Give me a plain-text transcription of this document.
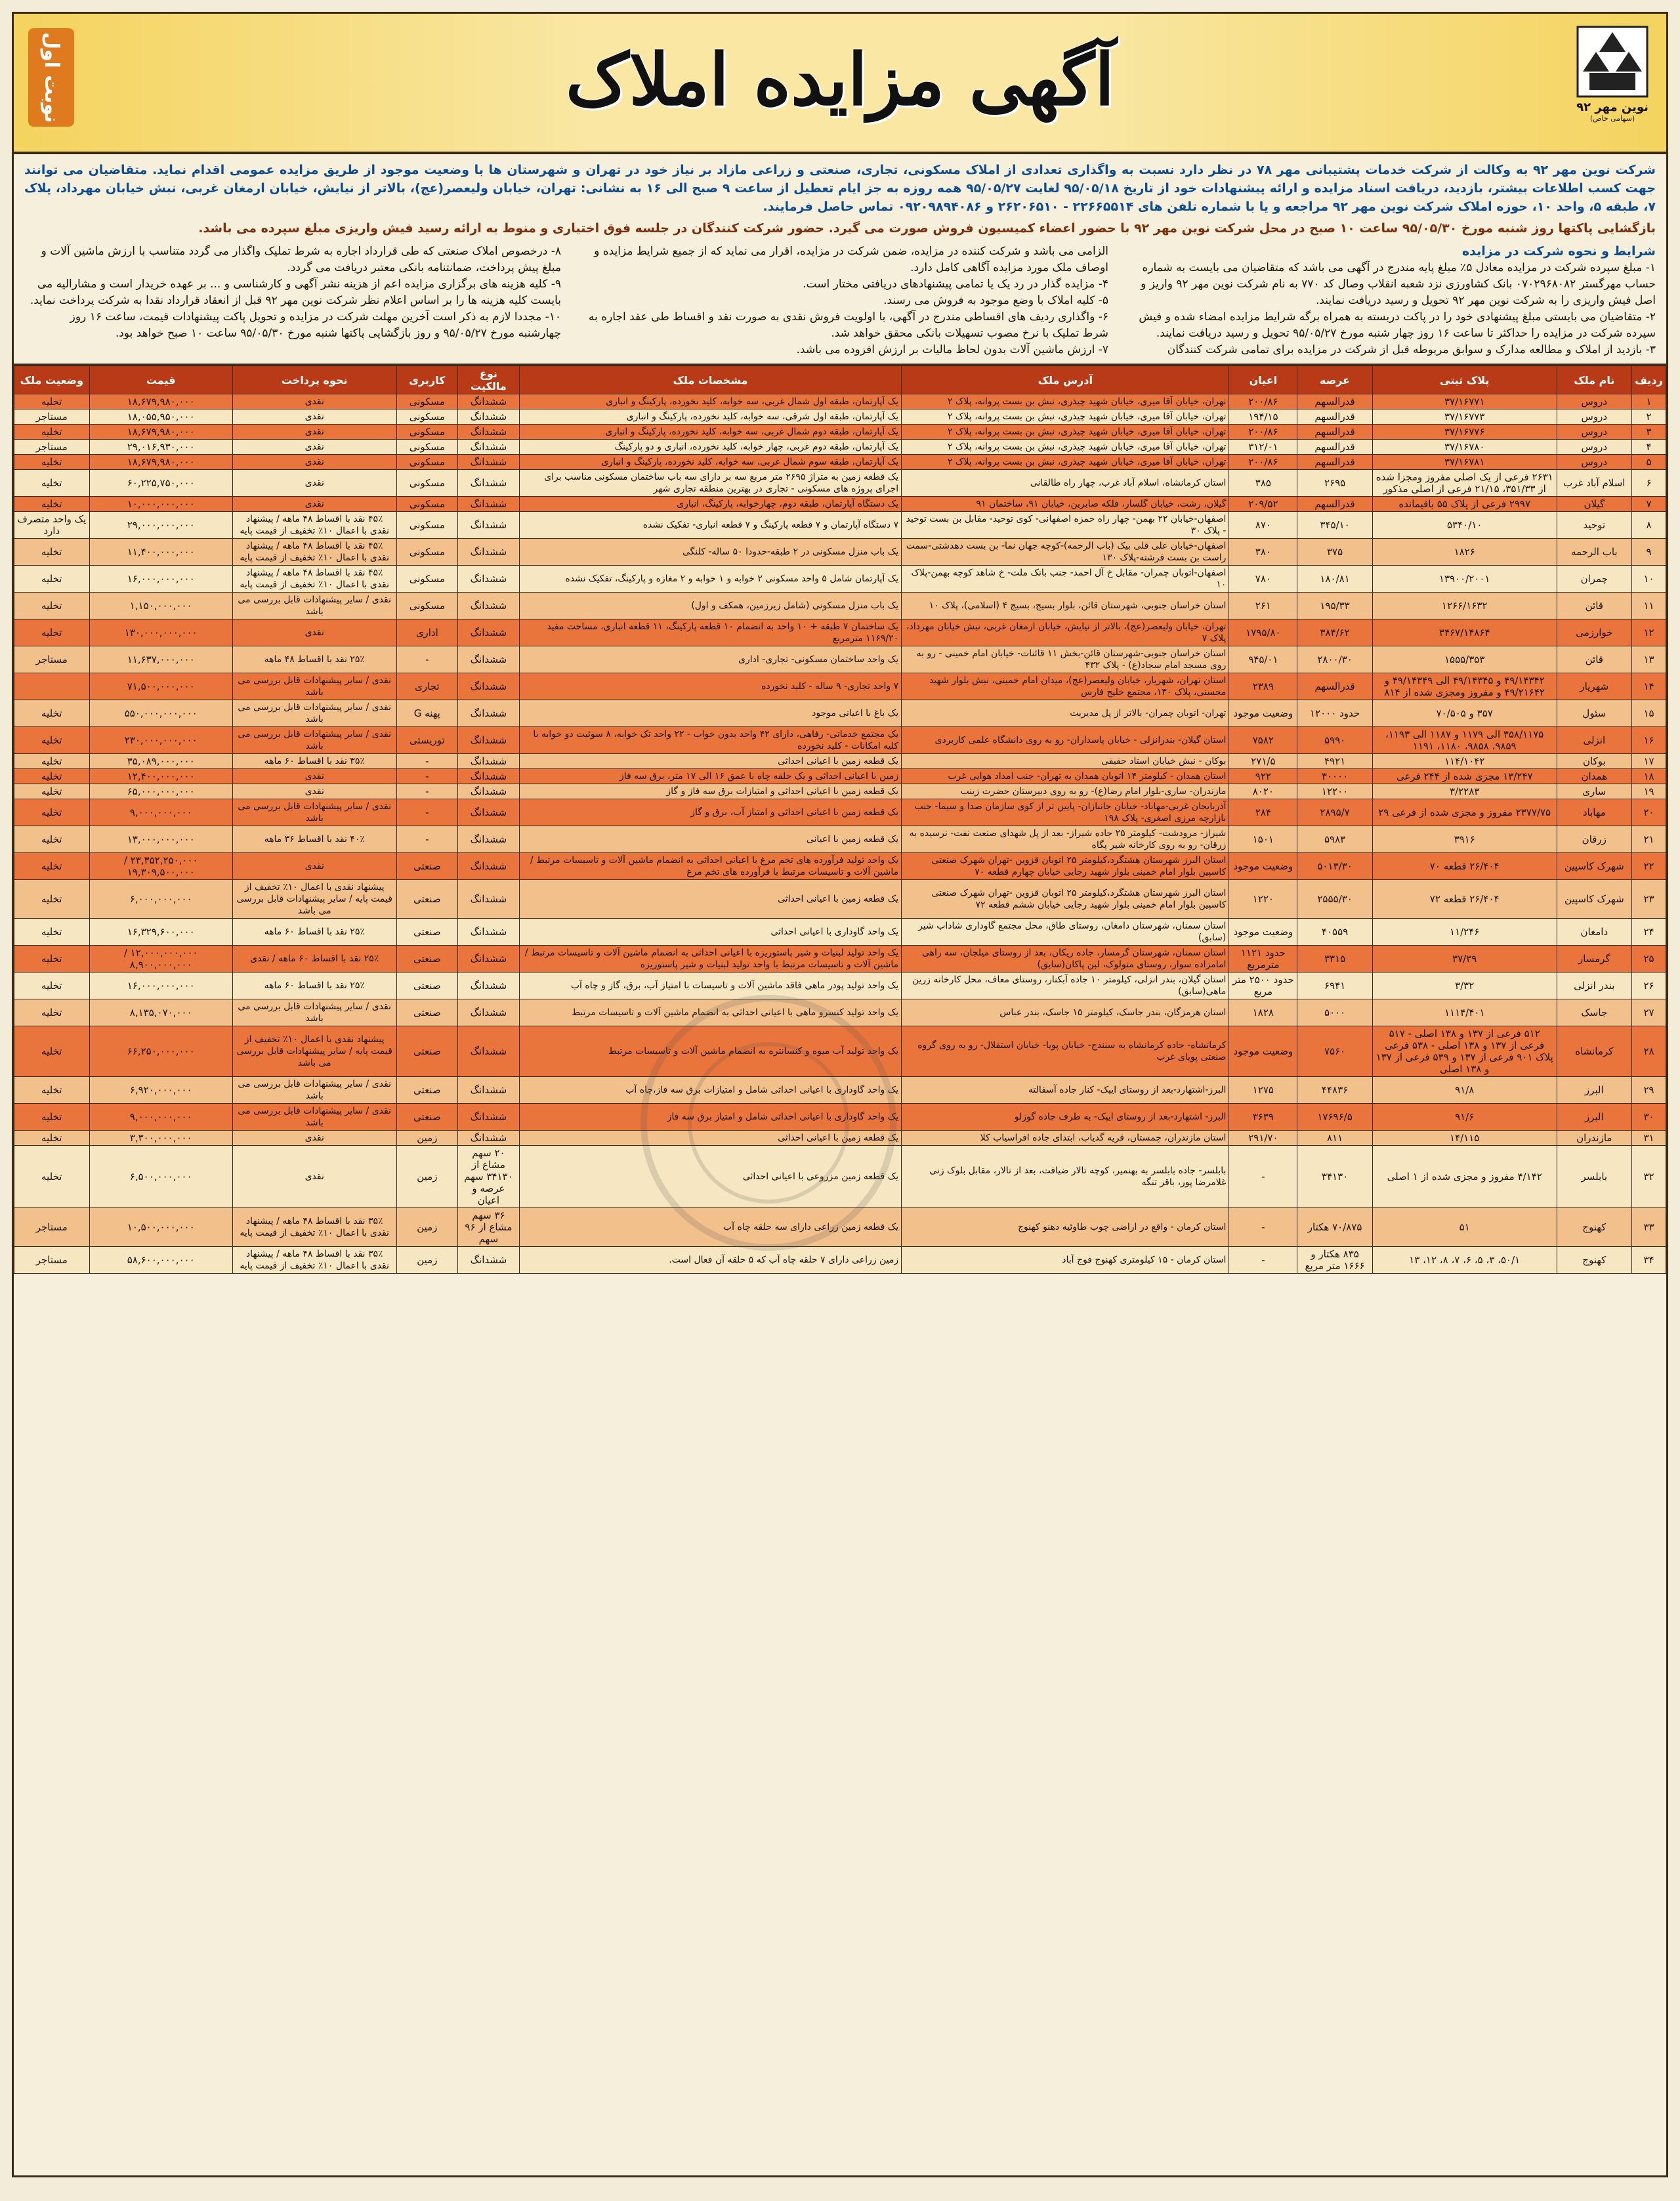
نوبت اول	آگهی مزایده املاک	نوین مهر ۹۲
(سهامی خاص)
شرکت نوین مهر ۹۲ به وکالت از شرکت خدمات پشتیبانی مهر ۷۸ در نظر دارد نسبت به واگذاری تعدادی از املاک مسکونی، تجاری، صنعتی و زراعی مازاد بر نیاز خود در تهران و شهرستان ها با وضعیت موجود از طریق مزایده عمومی اقدام نماید. متقاضیان می توانند جهت کسب اطلاعات بیشتر، بازدید، دریافت اسناد مزایده و ارائه پیشنهادات خود از تاریخ ۹۵/۰۵/۱۸ لغایت ۹۵/۰۵/۲۷ همه روزه به جز ایام تعطیل از ساعت ۹ صبح الی ۱۶ به نشانی: تهران، خیابان ولیعصر(عج)، بالاتر از نیایش، خیابان ارمغان غربی، نبش خیابان مهرداد، پلاک ۷، طبقه ۵، واحد ۱۰، حوزه املاک شرکت نوین مهر ۹۲ مراجعه و یا با شماره تلفن های ۲۲۶۶۵۵۱۴ - ۲۶۲۰۶۵۱۰ و ۰۹۲۰۹۸۹۴۰۸۶ تماس حاصل فرمایند.
بازگشایی پاکتها روز شنبه مورخ ۹۵/۰۵/۳۰ ساعت ۱۰ صبح در محل شرکت نوین مهر ۹۲ با حضور اعضاء کمیسیون فروش صورت می گیرد. حضور شرکت کنندگان در جلسه فوق اختیاری و منوط به ارائه رسید فیش واریزی مبلغ سپرده می باشد.
شرایط و نحوه شرکت در مزایده

۱- مبلغ سپرده شرکت در مزایده معادل ۵٪ مبلغ پایه مندرج در آگهی می باشد که متقاضیان می بایست به شماره حساب مهرگستر ۰۷۰۲۹۶۸۰۸۲ بانک کشاورزی نزد شعبه انقلاب وصال کد ۷۷۰ به نام شرکت نوین مهر ۹۲ واریز و اصل فیش واریزی را به شرکت نوین مهر ۹۲ تحویل و رسید دریافت نمایند.

۲- متقاضیان می بایستی مبلغ پیشنهادی خود را در پاکت دربسته به همراه برگه شرایط مزایده امضاء شده و فیش سپرده شرکت در مزایده را حداکثر تا ساعت ۱۶ روز چهار شنبه مورخ ۹۵/۰۵/۲۷ تحویل و رسید دریافت نمایند.

۳- بازدید از املاک و مطالعه مدارک و سوابق مربوطه قبل از شرکت در مزایده برای تمامی شرکت کنندگان

الزامی می باشد و شرکت کننده در مزایده، ضمن شرکت در مزایده، اقرار می نماید که از جمیع شرایط مزایده و اوصاف ملک مورد مزایده آگاهی کامل دارد.

۴- مزایده گذار در رد یک یا تمامی پیشنهادهای دریافتی مختار است.

۵- کلیه املاک با وضع موجود به فروش می رسند.

۶- واگذاری ردیف های اقساطی مندرج در آگهی، با اولویت فروش نقدی به صورت نقد و اقساط طی عقد اجاره به شرط تملیک با نرخ مصوب تسهیلات بانکی محقق خواهد شد.

۷- ارزش ماشین آلات بدون لحاظ مالیات بر ارزش افزوده می باشد.

۸- درخصوص املاک صنعتی که طی قرارداد اجاره به شرط تملیک واگذار می گردد متناسب با ارزش ماشین آلات و مبلغ پیش پرداخت، ضمانتنامه بانکی معتبر دریافت می گردد.

۹- کلیه هزینه های برگزاری مزایده اعم از هزینه نشر آگهی و کارشناسی و ... بر عهده خریدار است و مشارالیه می بایست کلیه هزینه ها را بر اساس اعلام نظر شرکت نوین مهر ۹۲ قبل از انعقاد قرارداد نقدا به شرکت پرداخت نماید.

۱۰- مجددا لازم به ذکر است آخرین مهلت شرکت در مزایده و تحویل پاکت پیشنهادات قیمت، ساعت ۱۶ روز چهارشنبه مورخ ۹۵/۰۵/۲۷ و روز بازگشایی پاکتها شنبه مورخ ۹۵/۰۵/۳۰ ساعت ۱۰ صبح خواهد بود.

ردیف	نام ملک	پلاک ثبتی	عرصه	اعیان	آدرس ملک	مشخصات ملک	نوع مالکیت	کاربری	نحوه پرداخت	قیمت	وضعیت ملک
۱	دروس	۳۷/۱۶۷۷۱	قدرالسهم	۲۰۰/۸۶	تهران، خیابان آقا میری، خیابان شهید چیذری، نبش بن بست پروانه، پلاک ۲	یک آپارتمان، طبقه اول شمال غربی، سه خوابه، کلید نخورده، پارکینگ و انباری	ششدانگ	مسکونی	نقدی	۱۸,۶۷۹,۹۸۰,۰۰۰	تخلیه
۲	دروس	۳۷/۱۶۷۷۳	قدرالسهم	۱۹۴/۱۵	تهران، خیابان آقا میری، خیابان شهید چیذری، نبش بن بست پروانه، پلاک ۲	یک آپارتمان، طبقه اول شرقی، سه خوابه، کلید نخورده، پارکینگ و انباری	ششدانگ	مسکونی	نقدی	۱۸,۰۵۵,۹۵۰,۰۰۰	مستاجر
۳	دروس	۳۷/۱۶۷۷۶	قدرالسهم	۲۰۰/۸۶	تهران، خیابان آقا میری، خیابان شهید چیذری، نبش بن بست پروانه، پلاک ۲	یک آپارتمان، طبقه دوم شمال غربی، سه خوابه، کلید نخورده، پارکینگ و انباری	ششدانگ	مسکونی	نقدی	۱۸,۶۷۹,۹۸۰,۰۰۰	تخلیه
۴	دروس	۳۷/۱۶۷۸۰	قدرالسهم	۳۱۲/۰۱	تهران، خیابان آقا میری، خیابان شهید چیذری، نبش بن بست پروانه، پلاک ۲	یک آپارتمان، طبقه دوم غربی، چهار خوابه، کلید نخورده، انباری و دو پارکینگ	ششدانگ	مسکونی	نقدی	۲۹,۰۱۶,۹۳۰,۰۰۰	مستاجر
۵	دروس	۳۷/۱۶۷۸۱	قدرالسهم	۲۰۰/۸۶	تهران، خیابان آقا میری، خیابان شهید چیذری، نبش بن بست پروانه، پلاک ۲	یک آپارتمان، طبقه سوم شمال غربی، سه خوابه، کلید نخورده، پارکینگ و انباری	ششدانگ	مسکونی	نقدی	۱۸,۶۷۹,۹۸۰,۰۰۰	تخلیه
۶	اسلام آباد غرب	۲۶۳۱ فرعی از یک اصلی مفروز ومجزا شده از ۳۵۱/۳۳، ۲۱/۱۵ فرعی از اصلی مذکور	۲۶۹۵	۳۸۵	استان کرمانشاه، اسلام آباد غرب، چهار راه طالقانی	یک قطعه زمین به متراژ ۲۶۹۵ متر مربع سه بر دارای سه باب ساختمان مسکونی مناسب برای اجرای پروژه های مسکونی - تجاری در بهترین منطقه تجاری شهر	ششدانگ	مسکونی	نقدی	۶۰,۲۲۵,۷۵۰,۰۰۰	تخلیه
۷	گیلان	۲۹۹۷ فرعی از پلاک ۵۵ باقیمانده	قدرالسهم	۲۰۹/۵۲	گیلان، رشت، خیابان گلسار، فلکه صابرین، خیابان ۹۱، ساختمان ۹۱	یک دستگاه آپارتمان، طبقه دوم، چهارخوابه، پارکینگ، انباری	ششدانگ	مسکونی	نقدی	۱۰,۰۰۰,۰۰۰,۰۰۰	تخلیه
۸	توحید	۵۳۴۰/۱۰	۳۴۵/۱۰	۸۷۰	اصفهان-خیابان ۲۲ بهمن- چهار راه حمزه اصفهانی- کوی توحید- مقابل بن بست توحید - پلاک ۳۰	۷ دستگاه آپارتمان و ۷ قطعه پارکینگ و ۷ قطعه انباری- تفکیک نشده	ششدانگ	مسکونی	۴۵٪ نقد با اقساط ۴۸ ماهه / پیشنهاد نقدی با اعمال ۱۰٪ تخفیف از قیمت پایه	۲۹,۰۰۰,۰۰۰,۰۰۰	یک واحد متصرف دارد
۹	باب الرحمه	۱۸۲۶	۳۷۵	۳۸۰	اصفهان-خیابان علی قلی بیک (باب الرحمه)-کوچه جهان نما- بن بست دهدشتی-سمت راست بن بست فرشته-پلاک ۱۳۰	یک باب منزل مسکونی در ۲ طبقه-حدودا ۵۰ ساله- کلنگی	ششدانگ	مسکونی	۴۵٪ نقد با اقساط ۴۸ ماهه / پیشنهاد نقدی با اعمال ۱۰٪ تخفیف از قیمت پایه	۱۱,۴۰۰,۰۰۰,۰۰۰	تخلیه
۱۰	چمران	۱۳۹۰۰/۲۰۰۱	۱۸۰/۸۱	۷۸۰	اصفهان-اتوبان چمران- مقابل خ آل احمد- جنب بانک ملت- خ شاهد کوچه بهمن-پلاک ۱۰	یک آپارتمان شامل ۵ واحد مسکونی ۲ خوابه و ۱ خوابه و ۲ مغازه و پارکینگ، تفکیک نشده	ششدانگ	مسکونی	۴۵٪ نقد با اقساط ۴۸ ماهه / پیشنهاد نقدی با اعمال ۱۰٪ تخفیف از قیمت پایه	۱۶,۰۰۰,۰۰۰,۰۰۰	تخلیه
۱۱	قائن	۱۲۶۶/۱۶۳۲	۱۹۵/۳۳	۲۶۱	استان خراسان جنوبی، شهرستان قائن، بلوار بسیج، بسیج ۴ (اسلامی)، پلاک ۱۰	یک باب منزل مسکونی (شامل زیرزمین، همکف و اول)	ششدانگ	مسکونی	نقدی / سایر پیشنهادات قابل بررسی می باشد	۱,۱۵۰,۰۰۰,۰۰۰	تخلیه
۱۲	خوارزمی	۳۴۶۷/۱۴۸۶۴	۳۸۴/۶۲	۱۷۹۵/۸۰	تهران، خیابان ولیعصر(عج)، بالاتر از نیایش، خیابان ارمغان غربی، نبش خیابان مهرداد، پلاک ۷	یک ساختمان ۷ طبقه + ۱۰ واحد به انضمام ۱۰ قطعه پارکینگ، ۱۱ قطعه انباری، مساحت مفید ۱۱۶۹/۲۰ مترمربع	ششدانگ	اداری	نقدی	۱۳۰,۰۰۰,۰۰۰,۰۰۰	تخلیه
۱۳	قائن	۱۵۵۵/۳۵۳	۲۸۰۰/۳۰	۹۴۵/۰۱	استان خراسان جنوبی-شهرستان قائن-بخش ۱۱ قائنات- خیابان امام خمینی - رو به روی مسجد امام سجاد(ع) - پلاک ۴۳۲	یک واحد ساختمان مسکونی- تجاری- اداری	ششدانگ	-	۲۵٪ نقد با اقساط ۴۸ ماهه	۱۱,۶۳۷,۰۰۰,۰۰۰	مستاجر
۱۴	شهریار	۴۹/۱۴۳۴۲ و ۴۹/۱۴۳۴۵ الی ۴۹/۱۴۳۴۹ و ۴۹/۲۱۶۴۲ و مفروز ومجزی شده از ۸۱۴	قدرالسهم	۲۳۸۹	استان تهران، شهریار، خیابان ولیعصر(عج)، میدان امام خمینی، نبش بلوار شهید محسنی، پلاک ۱۳۰، مجتمع خلیج فارس	۷ واحد تجاری- ۹ ساله - کلید نخورده	ششدانگ	تجاری	نقدی / سایر پیشنهادات قابل بررسی می باشد	۷۱,۵۰۰,۰۰۰,۰۰۰	
۱۵	سئول	۳۵۷ و ۷۰/۵۰۵	حدود ۱۲۰۰۰	وضعیت موجود	تهران- اتوبان چمران- بالاتر از پل مدیریت	یک باغ با اعیانی موجود	ششدانگ	پهنه G	نقدی / سایر پیشنهادات قابل بررسی می باشد	۵۵۰,۰۰۰,۰۰۰,۰۰۰	تخلیه
۱۶	انزلی	۳۵۸/۱۱۷۵ الی ۱۱۷۹ و ۱۱۸۷ الی ۱۱۹۳، ۹۸۵۹، ۹۸۵۸، ۱۱۸۰، ۱۱۹۱	۵۹۹۰	۷۵۸۲	استان گیلان- بندرانزلی - خیابان پاسداران- رو به روی دانشگاه علمی کاربردی	یک مجتمع خدماتی- رفاهی، دارای ۴۲ واحد بدون خواب - ۲۲ واحد تک خوابه، ۸ سوئیت دو خوابه با کلیه امکانات - کلید نخورده	ششدانگ	توریستی	نقدی / سایر پیشنهادات قابل بررسی می باشد	۲۳۰,۰۰۰,۰۰۰,۰۰۰	تخلیه
۱۷	بوکان	۱۱۴/۱۰۴۲	۴۹۲۱	۲۷۱/۵	بوکان - نبش خیابان استاد حقیقی	یک قطعه زمین با اعیانی احداثی	ششدانگ	-	۳۵٪ نقد با اقساط ۶۰ ماهه	۳۵,۰۸۹,۰۰۰,۰۰۰	تخلیه
۱۸	همدان	۱۳/۲۴۷ مجزی شده از ۲۴۴ فرعی	۳۰۰۰۰	۹۲۲	استان همدان - کیلومتر ۱۴ اتوبان همدان به تهران- جنب امداد هوایی غرب	زمین با اعیانی احداثی و یک حلقه چاه با عمق ۱۶ الی ۱۷ متر، برق سه فاز	ششدانگ	-	نقدی	۱۲,۴۰۰,۰۰۰,۰۰۰	تخلیه
۱۹	ساری	۳/۲۲۸۳	۱۲۲۰۰	۸۰۲۰	مازندران- ساری-بلوار امام رضا(ع)- رو به روی دبیرستان حضرت زینب	یک قطعه زمین با اعیانی احداثی و امتیازات برق سه فاز و گاز	ششدانگ	-	نقدی	۶۵,۰۰۰,۰۰۰,۰۰۰	تخلیه
۲۰	مهاباد	۲۳۷۷/۷۵ مفروز و مجزی شده از فرعی ۲۹	۲۸۹۵/۷	۲۸۴	آذربایجان غربی-مهاباد- خیابان جانبازان- پایین تر از کوی سازمان صدا و سیما- جنب بازارچه مرزی اصغری- پلاک ۱۹۸	یک قطعه زمین با اعیانی احداثی و امتیاز آب، برق و گاز	ششدانگ	-	نقدی / سایر پیشنهادات قابل بررسی می باشد	۹,۰۰۰,۰۰۰,۰۰۰	تخلیه
۲۱	زرقان	۳۹۱۶	۵۹۸۳	۱۵۰۱	شیراز- مرودشت- کیلومتر ۲۵ جاده شیراز- بعد از پل شهدای صنعت نفت- نرسیده به زرقان- رو به روی کارخانه شیر پگاه	یک قطعه زمین با اعیانی	ششدانگ	-	۴۰٪ نقد با اقساط ۳۶ ماهه	۱۳,۰۰۰,۰۰۰,۰۰۰	تخلیه
۲۲	شهرک کاسپین	۲۶/۴۰۴ قطعه ۷۰	۵۰۱۳/۳۰	وضعیت موجود	استان البرز شهرستان هشتگرد،کیلومتر ۲۵ اتوبان قزوین -تهران شهرک صنعتی کاسپین بلوار امام خمینی بلوار شهید رجایی خیابان چهارم قطعه ۷۰	یک واحد تولید فرآورده های تخم مرغ با اعیانی احداثی به انضمام ماشین آلات و تاسیسات مرتبط / ماشین آلات و تاسیسات مرتبط با فرآورده های تخم مرغ	ششدانگ	صنعتی	نقدی	۲۳,۳۵۲,۲۵۰,۰۰۰ / ۱۹,۳۰۹,۵۰۰,۰۰۰	تخلیه
۲۳	شهرک کاسپین	۲۶/۴۰۴ قطعه ۷۲	۲۵۵۵/۳۰	۱۲۲۰	استان البرز شهرستان هشتگرد،کیلومتر ۲۵ اتوبان قزوین -تهران شهرک صنعتی کاسپین بلوار امام خمینی بلوار شهید رجایی خیابان ششم قطعه ۷۲	یک قطعه زمین با اعیانی احداثی	ششدانگ	صنعتی	پیشنهاد نقدی با اعمال ۱۰٪ تخفیف از قیمت پایه / سایر پیشنهادات قابل بررسی می باشد	۶,۰۰۰,۰۰۰,۰۰۰	تخلیه
۲۴	دامغان	۱۱/۲۴۶	۴۰۵۵۹	وضعیت موجود	استان سمنان، شهرستان دامغان، روستای طاق، محل مجتمع گاوداری شاداب شیر (سابق)	یک واحد گاوداری با اعیانی احداثی	ششدانگ	صنعتی	۲۵٪ نقد با اقساط ۶۰ ماهه	۱۶,۳۲۹,۶۰۰,۰۰۰	تخلیه
۲۵	گرمسار	۳۷/۳۹	۳۳۱۵	حدود ۱۱۲۱ مترمربع	استان سمنان، شهرستان گرمسار، جاده ریکان، بعد از روستای میلجان، سه راهی امامزاده سوار، روستای متولوک، لبن پاکان(سابق)	یک واحد تولید لبنیات و شیر پاستوریزه با اعیانی احداثی به انضمام ماشین آلات و تاسیسات مرتبط / ماشین آلات و تاسیسات مرتبط با واحد تولید لبنیات و شیر پاستوریزه	ششدانگ	صنعتی	۲۵٪ نقد با اقساط ۶۰ ماهه / نقدی	۱۲,۰۰۰,۰۰۰,۰۰۰ / ۸,۹۰۰,۰۰۰,۰۰۰	تخلیه
۲۶	بندر انزلی	۳/۳۲	۶۹۴۱	حدود ۲۵۰۰ متر مربع	استان گیلان، بندر انزلی، کیلومتر ۱۰ جاده آبکنار، روستای معاف، محل کارخانه زرین ماهی(سابق)	یک واحد تولید پودر ماهی فاقد ماشین آلات و تاسیسات با امتیاز آب، برق، گاز و چاه آب	ششدانگ	صنعتی	۲۵٪ نقد با اقساط ۶۰ ماهه	۱۶,۰۰۰,۰۰۰,۰۰۰	تخلیه
۲۷	جاسک	۱۱۱۴/۴۰۱	۵۰۰۰	۱۸۲۸	استان هرمزگان، بندر جاسک، کیلومتر ۱۵ جاسک، بندر عباس	یک واحد تولید کنسرو ماهی با اعیانی احداثی به انضمام ماشین آلات و تاسیسات مرتبط	ششدانگ	صنعتی	نقدی / سایر پیشنهادات قابل بررسی می باشد	۸,۱۳۵,۰۷۰,۰۰۰	تخلیه
۲۸	کرمانشاه	۵۱۲ فرعی از ۱۳۷ و ۱۳۸ اصلی - ۵۱۷ فرعی از ۱۳۷ و ۱۳۸ اصلی - ۵۳۸ فرعی پلاک ۹۰۱ فرعی از ۱۳۷ و ۵۳۹ فرعی از ۱۳۷ و ۱۳۸ اصلی	۷۵۶۰	وضعیت موجود	کرمانشاه- جاده کرمانشاه به سنندج- خیابان پویا- خیابان استقلال- رو به روی گروه صنعتی پویای غرب	یک واحد تولید آب میوه و کنسانتره به انضمام ماشین آلات و تاسیسات مرتبط	ششدانگ	صنعتی	پیشنهاد نقدی با اعمال ۱۰٪ تخفیف از قیمت پایه / سایر پیشنهادات قابل بررسی می باشد	۶۶,۲۵۰,۰۰۰,۰۰۰	تخلیه
۲۹	البرز	۹۱/۸	۴۴۸۳۶	۱۲۷۵	البرز-اشتهارد-بعد از روستای ایپک- کنار جاده آسفالته	یک واحد گاوداری با اعیانی احداثی شامل و امتیازات برق سه فاز،چاه آب	ششدانگ	صنعتی	نقدی / سایر پیشنهادات قابل بررسی می باشد	۶,۹۲۰,۰۰۰,۰۰۰	تخلیه
۳۰	البرز	۹۱/۶	۱۷۶۹۶/۵	۳۶۳۹	البرز- اشتهارد-بعد از روستای ایپک- به طرف جاده گوزلو	یک واحد گاوداری با اعیانی احداثی شامل و امتیاز برق سه فاز	ششدانگ	صنعتی	نقدی / سایر پیشنهادات قابل بررسی می باشد	۹,۰۰۰,۰۰۰,۰۰۰	تخلیه
۳۱	مازندران	۱۴/۱۱۵	۸۱۱	۲۹۱/۷۰	استان مازندران، چمستان، قریه گدیاب، ابتدای جاده افراسیاب کلا	یک قطعه زمین با اعیانی احداثی	ششدانگ	زمین	نقدی	۳,۳۰۰,۰۰۰,۰۰۰	تخلیه
۳۲	بابلسر	۴/۱۴۲ مفروز و مجزی شده از ۱ اصلی	۳۴۱۳۰	-	بابلسر- جاده بابلسر به بهنمیر، کوچه تالار ضیافت، بعد از تالار، مقابل بلوک زنی غلامرضا پور، باقر تنگه	یک قطعه زمین مزروعی با اعیانی احداثی	۲۰ سهم مشاع از ۳۴۱۳۰ سهم عرصه و اعیان	زمین	نقدی	۶,۵۰۰,۰۰۰,۰۰۰	تخلیه
۳۳	کهنوج	۵۱	۷۰/۸۷۵ هکتار	-	استان کرمان - واقع در اراضی چوب طاوئیه دهنو کهنوج	یک قطعه زمین زراعی دارای سه حلقه چاه آب	۳۶ سهم مشاع از ۹۶ سهم	زمین	۳۵٪ نقد با اقساط ۴۸ ماهه / پیشنهاد نقدی با اعمال ۱۰٪ تخفیف از قیمت پایه	۱۰,۵۰۰,۰۰۰,۰۰۰	مستاجر
۳۴	کهنوج	۵۰/۱، ۳، ۵، ۶، ۷، ۸، ۱۲، ۱۳	۸۳۵ هکتار و ۱۶۶۶ متر مربع	-	استان کرمان - ۱۵ کیلومتری کهنوج فوج آباد	زمین زراعی دارای ۷ حلقه چاه آب که ۵ حلقه آن فعال است.	ششدانگ	زمین	۳۵٪ نقد با اقساط ۴۸ ماهه / پیشنهاد نقدی با اعمال ۱۰٪ تخفیف از قیمت پایه	۵۸,۶۰۰,۰۰۰,۰۰۰	مستاجر
